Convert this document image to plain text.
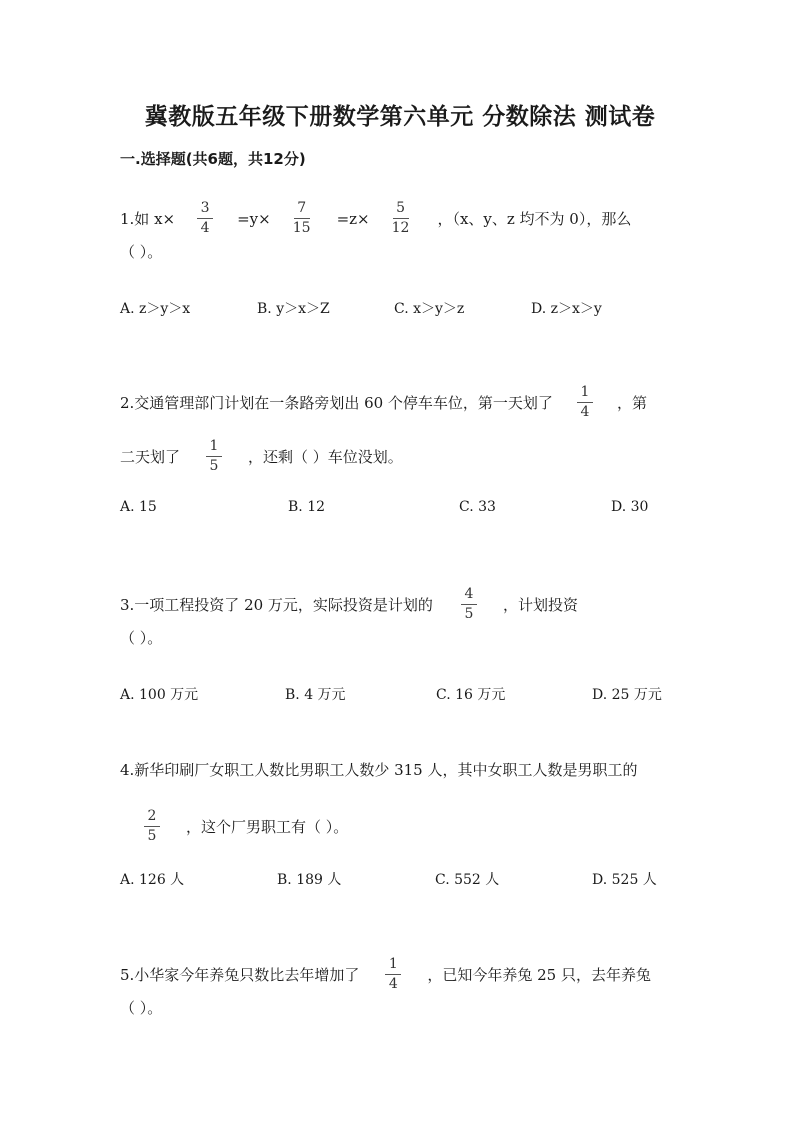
冀教版五年级下册数学第六单元 分数除法 测试卷
一.选择题(共6题，共12分)
1.如 $x\times \frac{3}{4} =y\times \frac{7}{15} =z\times \frac{5}{12}$ ，（x、y、z 均不为 0），那么
（ ）。
A. z＞y＞x	B. y＞x＞Z	C. x＞y＞z	D. z＞x＞y
2.交通管理部门计划在一条路旁划出 60 个停车车位，第一天划了 $\frac{1}{4}$ ，第
二天划了 $\frac{1}{5}$ ，还剩（ ）车位没划。
A. 15	B. 12	C. 33	D. 30
3.一项工程投资了 20 万元，实际投资是计划的 $\frac{4}{5}$ ，计划投资
（ ）。
A. 100 万元	B. 4 万元	C. 16 万元	D. 25 万元
4.新华印刷厂女职工人数比男职工人数少 315 人，其中女职工人数是男职工的
$\frac{2}{5}$ ，这个厂男职工有（ ）。
A. 126 人	B. 189 人	C. 552 人	D. 525 人
5.小华家今年养兔只数比去年增加了 $\frac{1}{4}$ ，已知今年养兔 25 只，去年养兔
（ ）。
